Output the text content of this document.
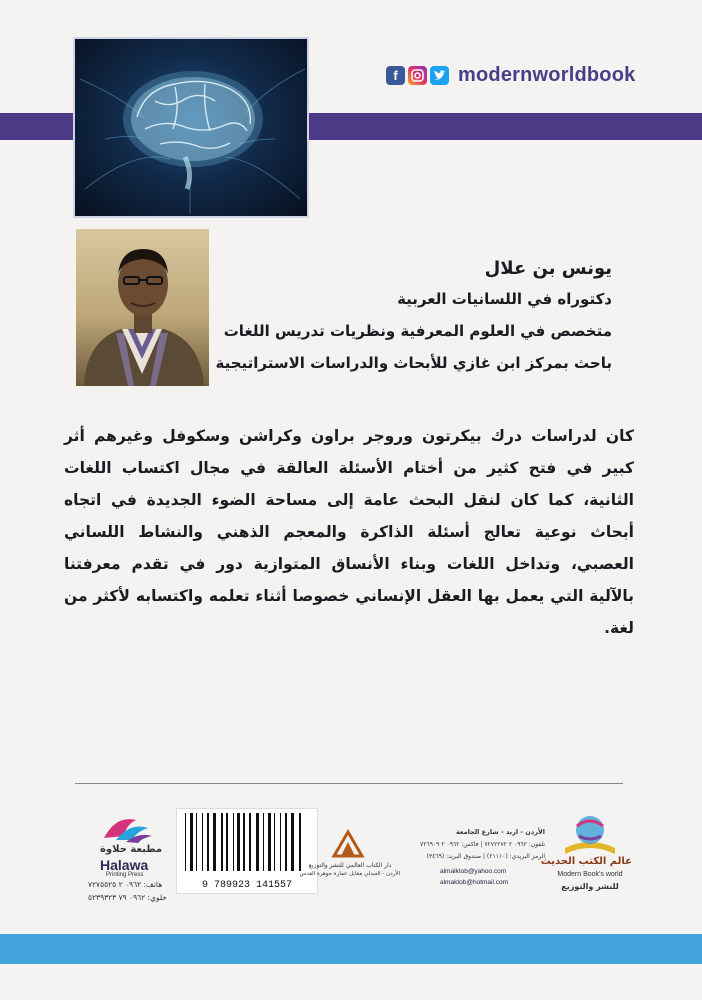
f	modernworldbook
يونس بن علال
دكتوراه في اللسانيات العربية
متخصص في العلوم المعرفية ونظريات تدريس اللغات
باحث بمركز ابن غازي للأبحاث والدراسات الاستراتيجية
كان لدراسات درك بيكرتون وروجر براون وكراشن وسكوفل وغيرهم أثر كبير في فتح كثير من أختام الأسئلة العالقة في مجال اكتساب اللغات الثانية، كما كان لنقل البحث عامة إلى مساحة الضوء الجديدة في اتجاه أبحاث نوعية تعالج أسئلة الذاكرة والمعجم الذهني والنشاط اللساني العصبي، وتداخل اللغات وبناء الأنساق المتوازية دور في تقدم معرفتنا بالآلية التي يعمل بها العقل الإنساني خصوصا أثناء تعلمه واكتسابه لأكثر من لغة.
مطبعة حلاوة
Halawa
Printing Press
هاتف: ٠٩٦٢ ٢ ٧٢٧٥٥٢٥
خلوي: ٠٩٦٢ ٧٩ ٥٢٣٩٣٢٣
9 789923 141557
دار الكتاب العالمي للنشر والتوزيع
الأردن - العبدلي مقابل عمارة جوهرة القدس
الأردن - اربد - شارع الجامعة
تلفون: ٠٩٦٢ ٢ ٧٢٧٢٢٧٢ | فاكس: ٠٩٦٢ ٢ ٧٢٦٩٠٩
الرمز البريدي: (٢١١١٠) | صندوق البريد: (٣٤٦٩)
almalktob@yahoo.com
almaktob@hotmail.com
عالم الكتب الحديث
Modern Book's world
للنشر والتوزيع
